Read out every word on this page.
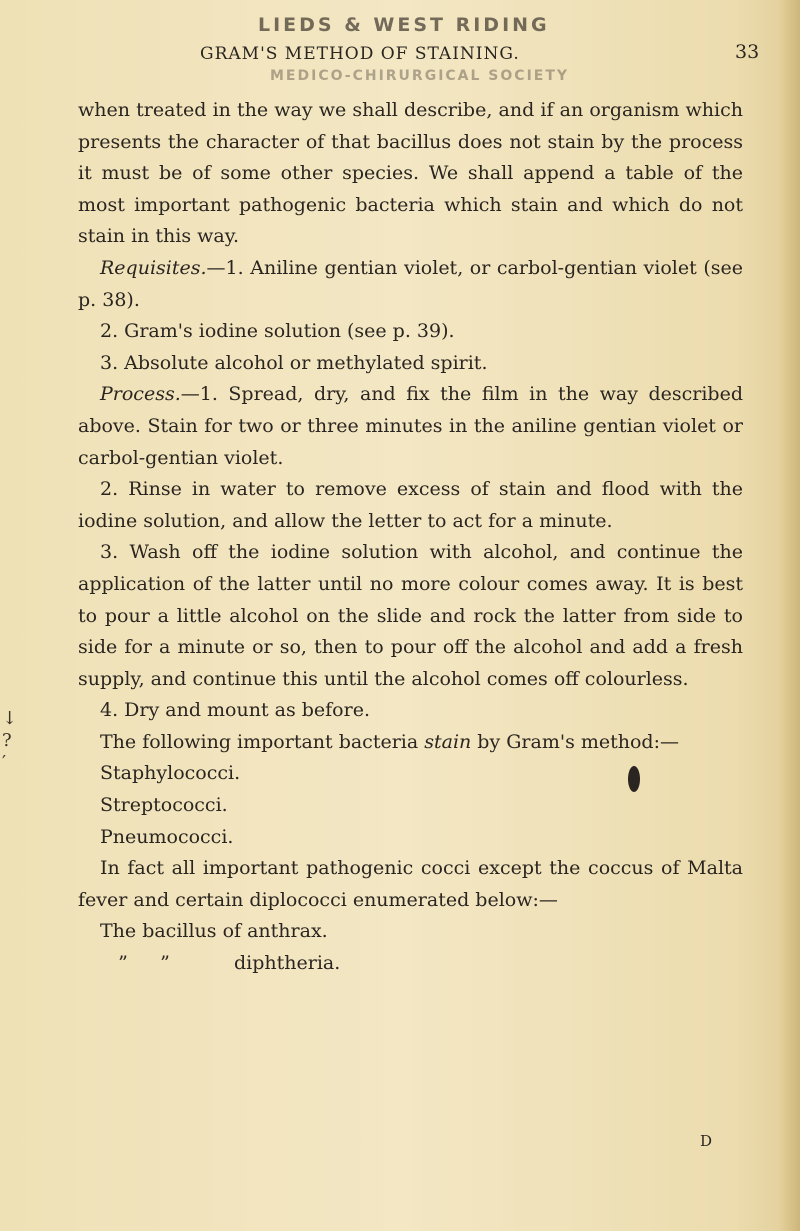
LIEDS & WEST RIDING
GRAM'S METHOD OF STAINING.	33
MEDICO-CHIRURGICAL SOCIETY
↓
?
′

when treated in the way we shall describe, and if an organism which presents the character of that bacillus does not stain by the process it must be of some other species. We shall append a table of the most important pathogenic bacteria which stain and which do not stain in this way.

Requisites.—1. Aniline gentian violet, or carbol-gentian violet (see p. 38).

2. Gram's iodine solution (see p. 39).

3. Absolute alcohol or methylated spirit.

Process.—1. Spread, dry, and fix the film in the way described above. Stain for two or three minutes in the aniline gentian violet or carbol-gentian violet.

2. Rinse in water to remove excess of stain and flood with the iodine solution, and allow the letter to act for a minute.

3. Wash off the iodine solution with alcohol, and continue the application of the latter until no more colour comes away. It is best to pour a little alcohol on the slide and rock the latter from side to side for a minute or so, then to pour off the alcohol and add a fresh supply, and continue this until the alcohol comes off colourless.

4. Dry and mount as before.

The following important bacteria stain by Gram's method:—

Staphylococci.

Streptococci.

Pneumococci.

In fact all important pathogenic cocci except the coccus of Malta fever and certain diplococci enumerated below:—

The bacillus of anthrax.

” ”	diphtheria.

D
